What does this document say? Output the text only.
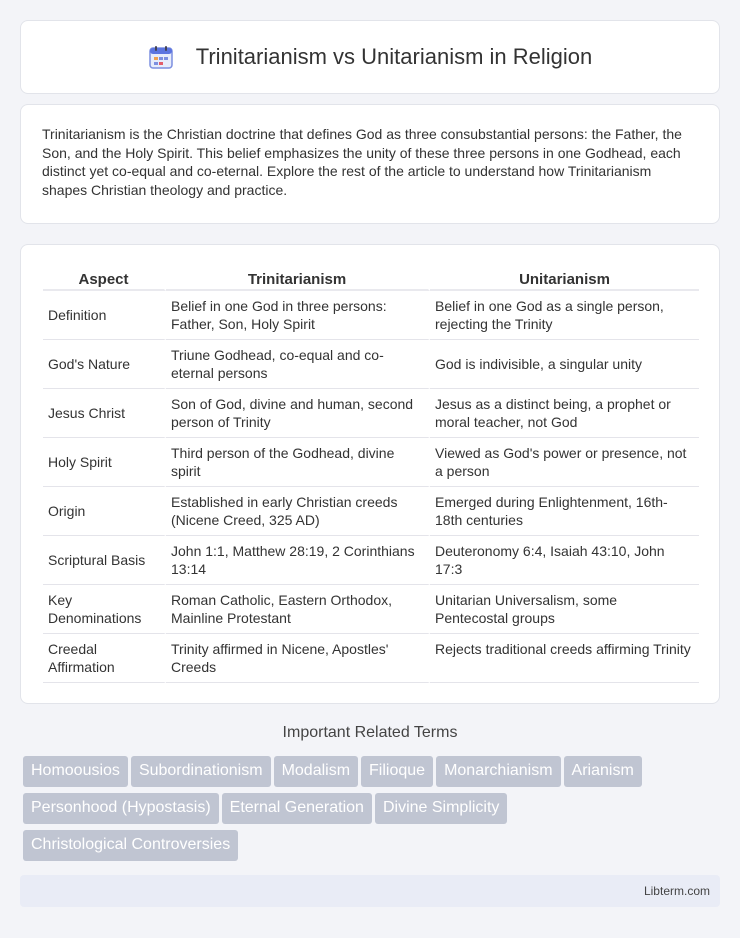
Trinitarianism vs Unitarianism in Religion

Trinitarianism is the Christian doctrine that defines God as three consubstantial persons: the Father, the Son, and the Holy Spirit. This belief emphasizes the unity of these three persons in one Godhead, each distinct yet co-equal and co-eternal. Explore the rest of the article to understand how Trinitarianism shapes Christian theology and practice.

Aspect	Trinitarianism	Unitarianism
Definition	Belief in one God in three persons: Father, Son, Holy Spirit	Belief in one God as a single person, rejecting the Trinity
God's Nature	Triune Godhead, co-equal and co-eternal persons	God is indivisible, a singular unity
Jesus Christ	Son of God, divine and human, second person of Trinity	Jesus as a distinct being, a prophet or moral teacher, not God
Holy Spirit	Third person of the Godhead, divine spirit	Viewed as God's power or presence, not a person
Origin	Established in early Christian creeds (Nicene Creed, 325 AD)	Emerged during Enlightenment, 16th-18th centuries
Scriptural Basis	John 1:1, Matthew 28:19, 2 Corinthians 13:14	Deuteronomy 6:4, Isaiah 43:10, John 17:3
Key Denominations	Roman Catholic, Eastern Orthodox, Mainline Protestant	Unitarian Universalism, some Pentecostal groups
Creedal Affirmation	Trinity affirmed in Nicene, Apostles' Creeds	Rejects traditional creeds affirming Trinity
Important Related Terms
Homoousios Subordinationism Modalism Filioque Monarchianism ArianismPersonhood (Hypostasis) Eternal Generation Divine SimplicityChristological Controversies
Libterm.com
